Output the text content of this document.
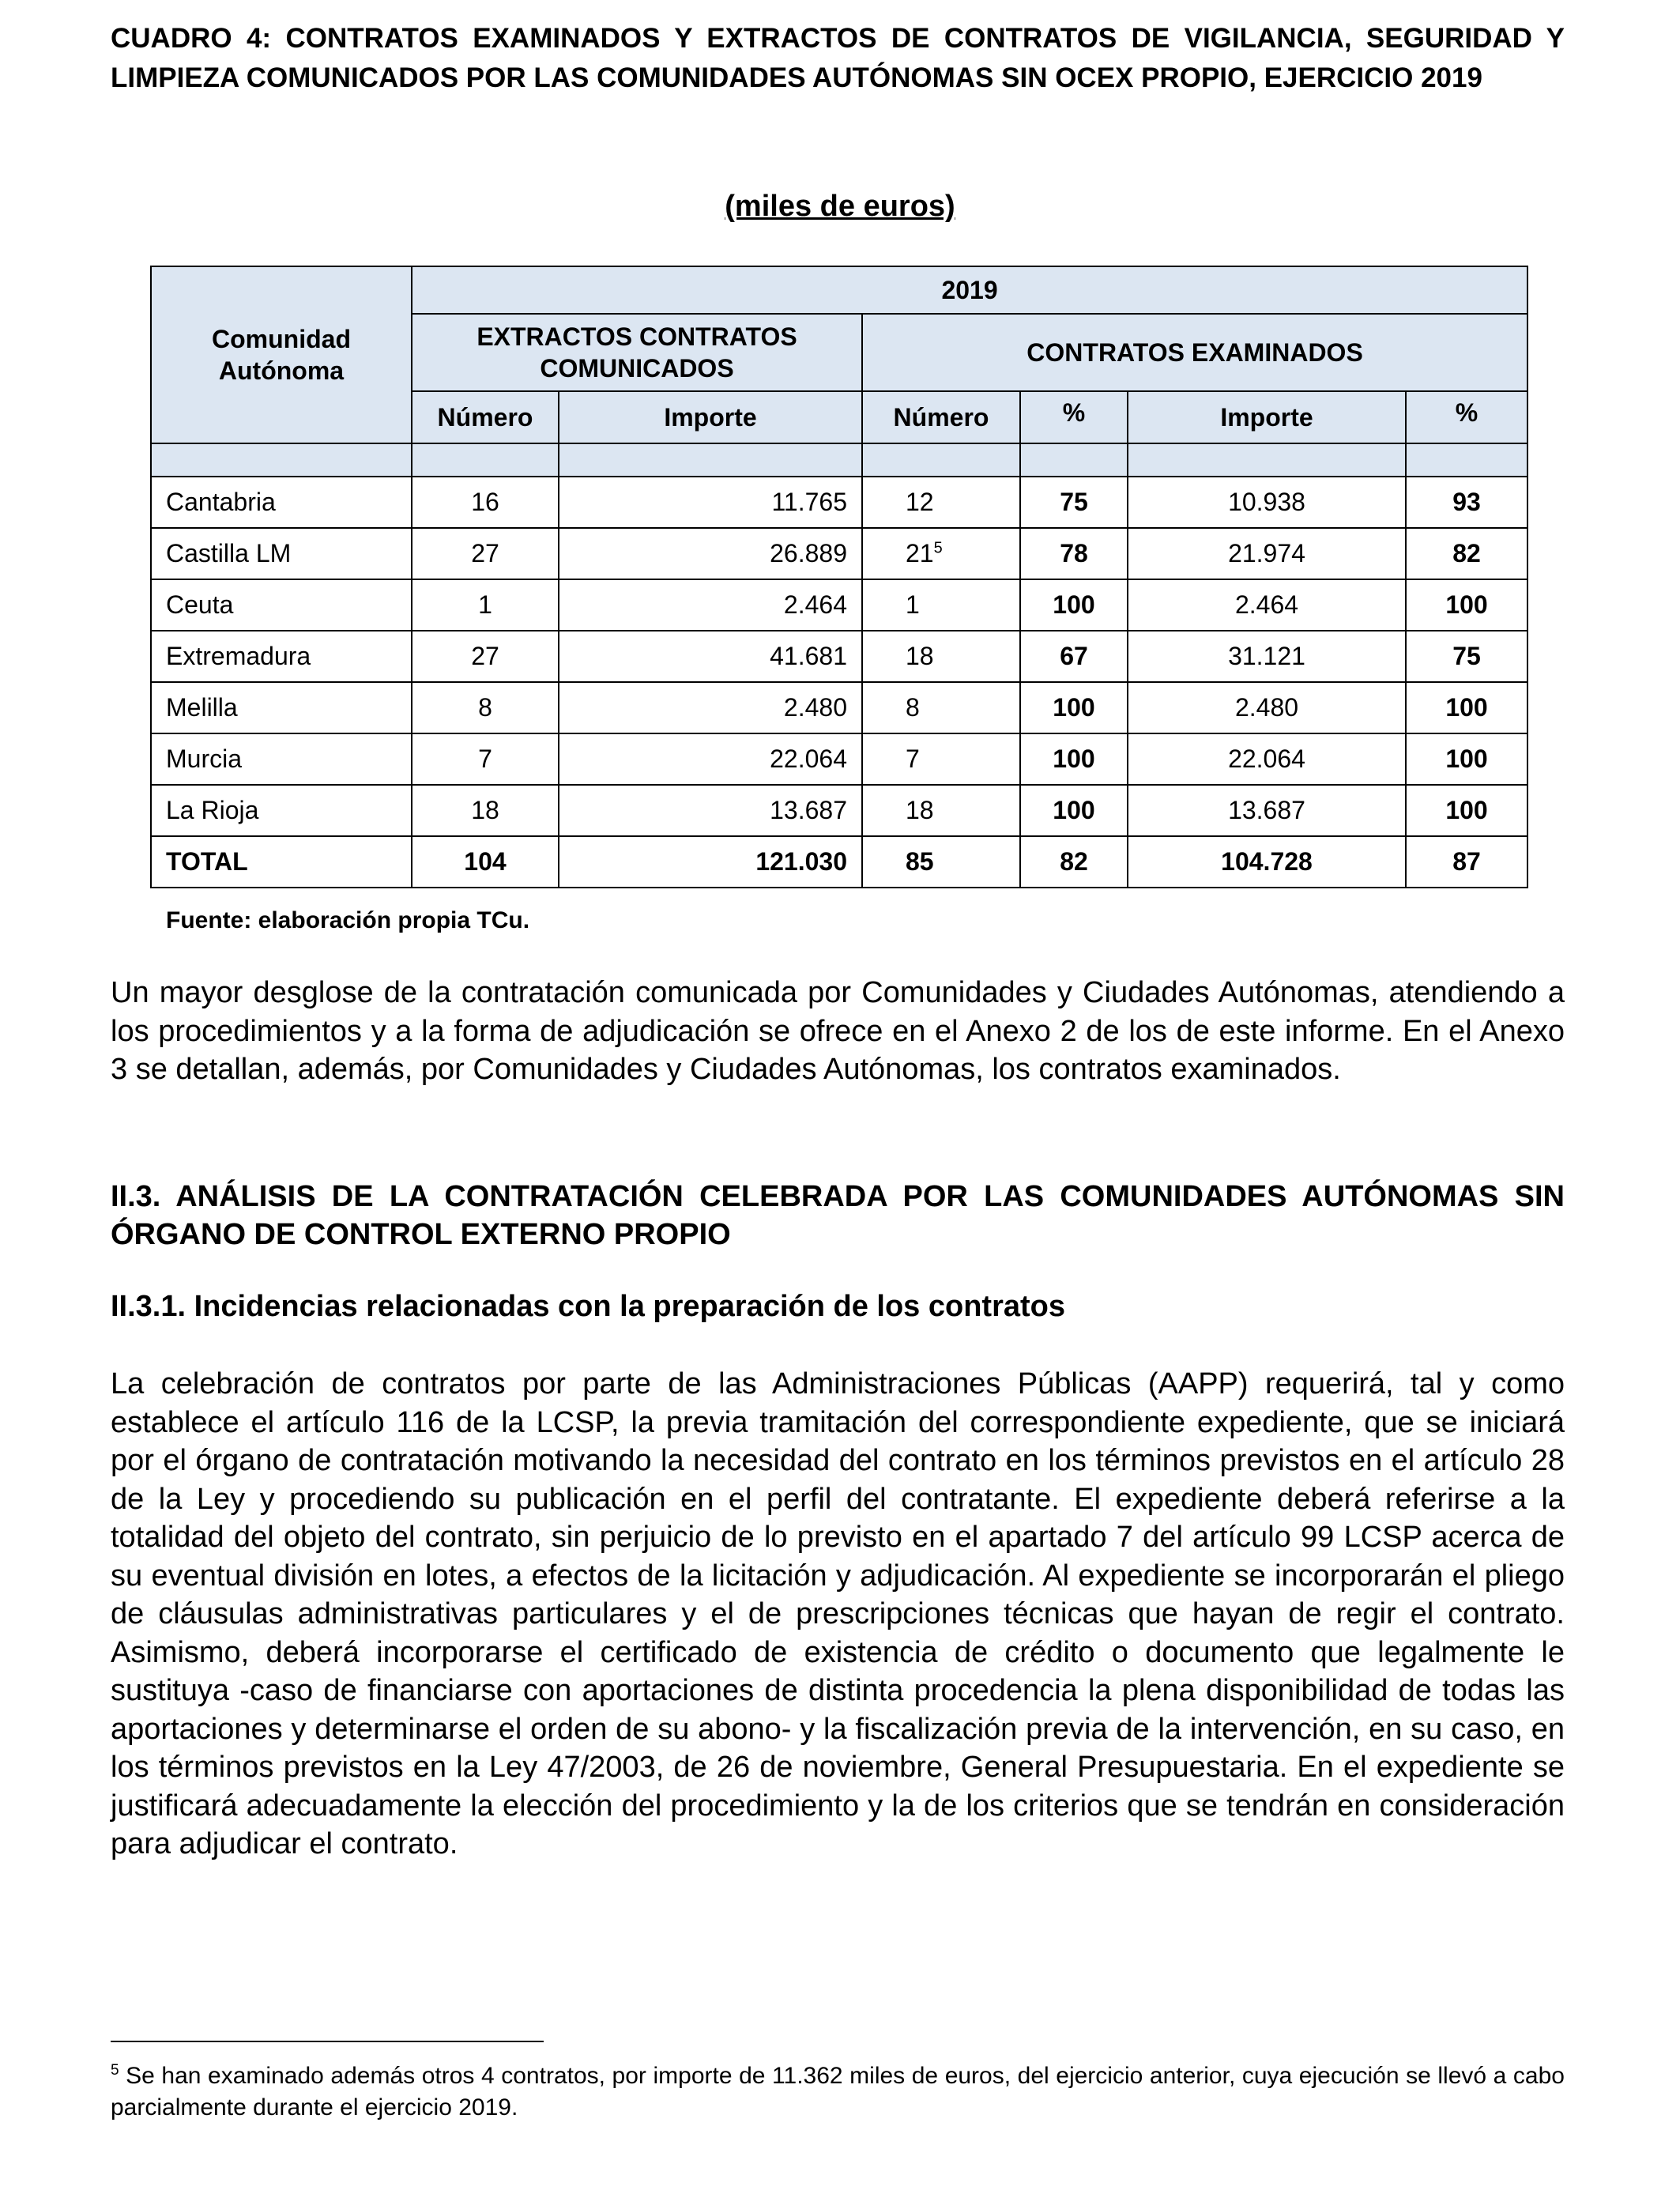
CUADRO 4: CONTRATOS EXAMINADOS Y EXTRACTOS DE CONTRATOS DE VIGILANCIA, SEGURIDAD Y LIMPIEZA COMUNICADOS POR LAS COMUNIDADES AUTÓNOMAS SIN OCEX PROPIO, EJERCICIO 2019
(miles de euros)
Comunidad Autónoma	2019					
	EXTRACTOS CONTRATOS COMUNICADOS		CONTRATOS EXAMINADOS			
	Número	Importe	Número	%	Importe	%

Cantabria	16	11.765	12	75	10.938	93
Castilla LM	27	26.889	$21^5$	78	21.974	82
Ceuta	1	2.464	1	100	2.464	100
Extremadura	27	41.681	18	67	31.121	75
Melilla	8	2.480	8	100	2.480	100
Murcia	7	22.064	7	100	22.064	100
La Rioja	18	13.687	18	100	13.687	100
TOTAL	104	121.030	85	82	104.728	87
Fuente: elaboración propia TCu.
Un mayor desglose de la contratación comunicada por Comunidades y Ciudades Autónomas, atendiendo a los procedimientos y a la forma de adjudicación se ofrece en el Anexo 2 de los de este informe. En el Anexo 3 se detallan, además, por Comunidades y Ciudades Autónomas, los contratos examinados.
II.3. ANÁLISIS DE LA CONTRATACIÓN CELEBRADA POR LAS COMUNIDADES AUTÓNOMAS SIN ÓRGANO DE CONTROL EXTERNO PROPIO
II.3.1. Incidencias relacionadas con la preparación de los contratos
La celebración de contratos por parte de las Administraciones Públicas (AAPP) requerirá, tal y como establece el artículo 116 de la LCSP, la previa tramitación del correspondiente expediente, que se iniciará por el órgano de contratación motivando la necesidad del contrato en los términos previstos en el artículo 28 de la Ley y procediendo su publicación en el perfil del contratante. El expediente deberá referirse a la totalidad del objeto del contrato, sin perjuicio de lo previsto en el apartado 7 del artículo 99 LCSP acerca de su eventual división en lotes, a efectos de la licitación y adjudicación. Al expediente se incorporarán el pliego de cláusulas administrativas particulares y el de prescripciones técnicas que hayan de regir el contrato. Asimismo, deberá incorporarse el certificado de existencia de crédito o documento que legalmente le sustituya -caso de financiarse con aportaciones de distinta procedencia la plena disponibilidad de todas las aportaciones y determinarse el orden de su abono- y la fiscalización previa de la intervención, en su caso, en los términos previstos en la Ley 47/2003, de 26 de noviembre, General Presupuestaria. En el expediente se justificará adecuadamente la elección del procedimiento y la de los criterios que se tendrán en consideración para adjudicar el contrato.
$^5$ Se han examinado además otros 4 contratos, por importe de 11.362 miles de euros, del ejercicio anterior, cuya ejecución se llevó a cabo parcialmente durante el ejercicio 2019.
